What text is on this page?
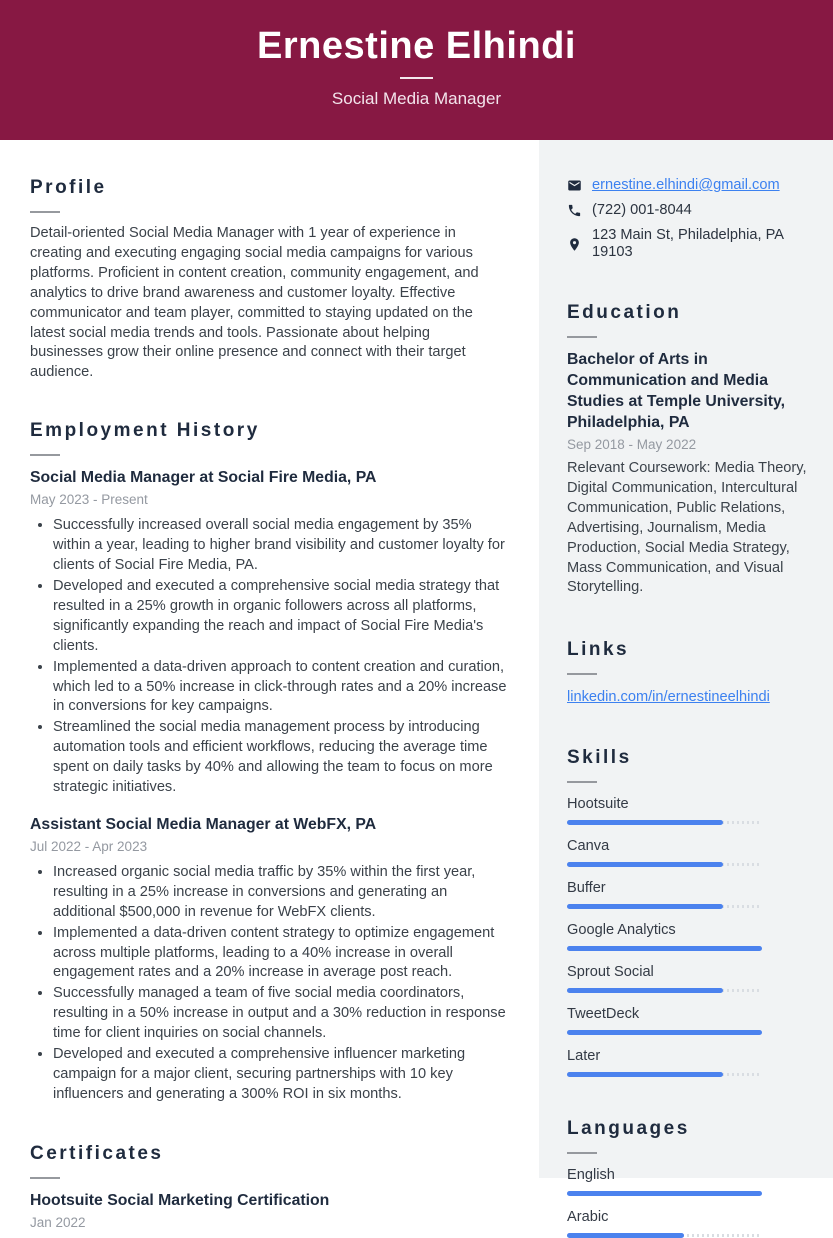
Ernestine Elhindi
Social Media Manager
Profile

Detail-oriented Social Media Manager with 1 year of experience in creating and executing engaging social media campaigns for various platforms. Proficient in content creation, community engagement, and analytics to drive brand awareness and customer loyalty. Effective communicator and team player, committed to staying updated on the latest social media trends and tools. Passionate about helping businesses grow their online presence and connect with their target audience.

Employment History
Social Media Manager at Social Fire Media, PA
May 2023 - Present
• Successfully increased overall social media engagement by 35% within a year, leading to higher brand visibility and customer loyalty for clients of Social Fire Media, PA.
• Developed and executed a comprehensive social media strategy that resulted in a 25% growth in organic followers across all platforms, significantly expanding the reach and impact of Social Fire Media's clients.
• Implemented a data-driven approach to content creation and curation, which led to a 50% increase in click-through rates and a 20% increase in conversions for key campaigns.
• Streamlined the social media management process by introducing automation tools and efficient workflows, reducing the average time spent on daily tasks by 40% and allowing the team to focus on more strategic initiatives.
Assistant Social Media Manager at WebFX, PA
Jul 2022 - Apr 2023
• Increased organic social media traffic by 35% within the first year, resulting in a 25% increase in conversions and generating an additional $500,000 in revenue for WebFX clients.
• Implemented a data-driven content strategy to optimize engagement across multiple platforms, leading to a 40% increase in overall engagement rates and a 20% increase in average post reach.
• Successfully managed a team of five social media coordinators, resulting in a 50% increase in output and a 30% reduction in response time for client inquiries on social channels.
• Developed and executed a comprehensive influencer marketing campaign for a major client, securing partnerships with 10 key influencers and generating a 300% ROI in six months.
Certificates
Hootsuite Social Marketing Certification
Jan 2022
ernestine.elhindi@gmail.com
(722) 001-8044
123 Main St, Philadelphia, PA 19103
Education
Bachelor of Arts in Communication and Media Studies at Temple University, Philadelphia, PA
Sep 2018 - May 2022

Relevant Coursework: Media Theory, Digital Communication, Intercultural Communication, Public Relations, Advertising, Journalism, Media Production, Social Media Strategy, Mass Communication, and Visual Storytelling.

Links
linkedin.com/in/ernestineelhindi
Skills
Hootsuite
Canva
Buffer
Google Analytics
Sprout Social
TweetDeck
Later
Languages
English
Arabic
